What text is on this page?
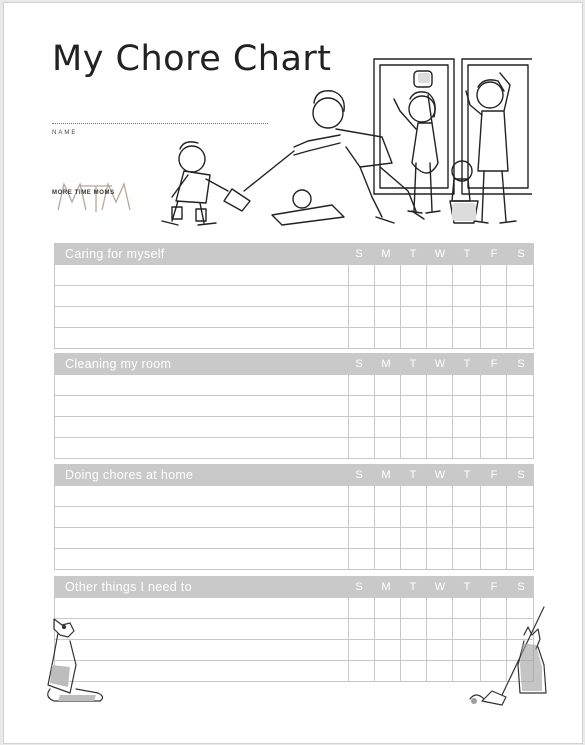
My Chore Chart
NAME
MORE TIME MOMS
Caring for myself	S	M	T	W	T	F	S
Cleaning my room	S	M	T	W	T	F	S
Doing chores at home	S	M	T	W	T	F	S
Other things I need to	S	M	T	W	T	F	S
